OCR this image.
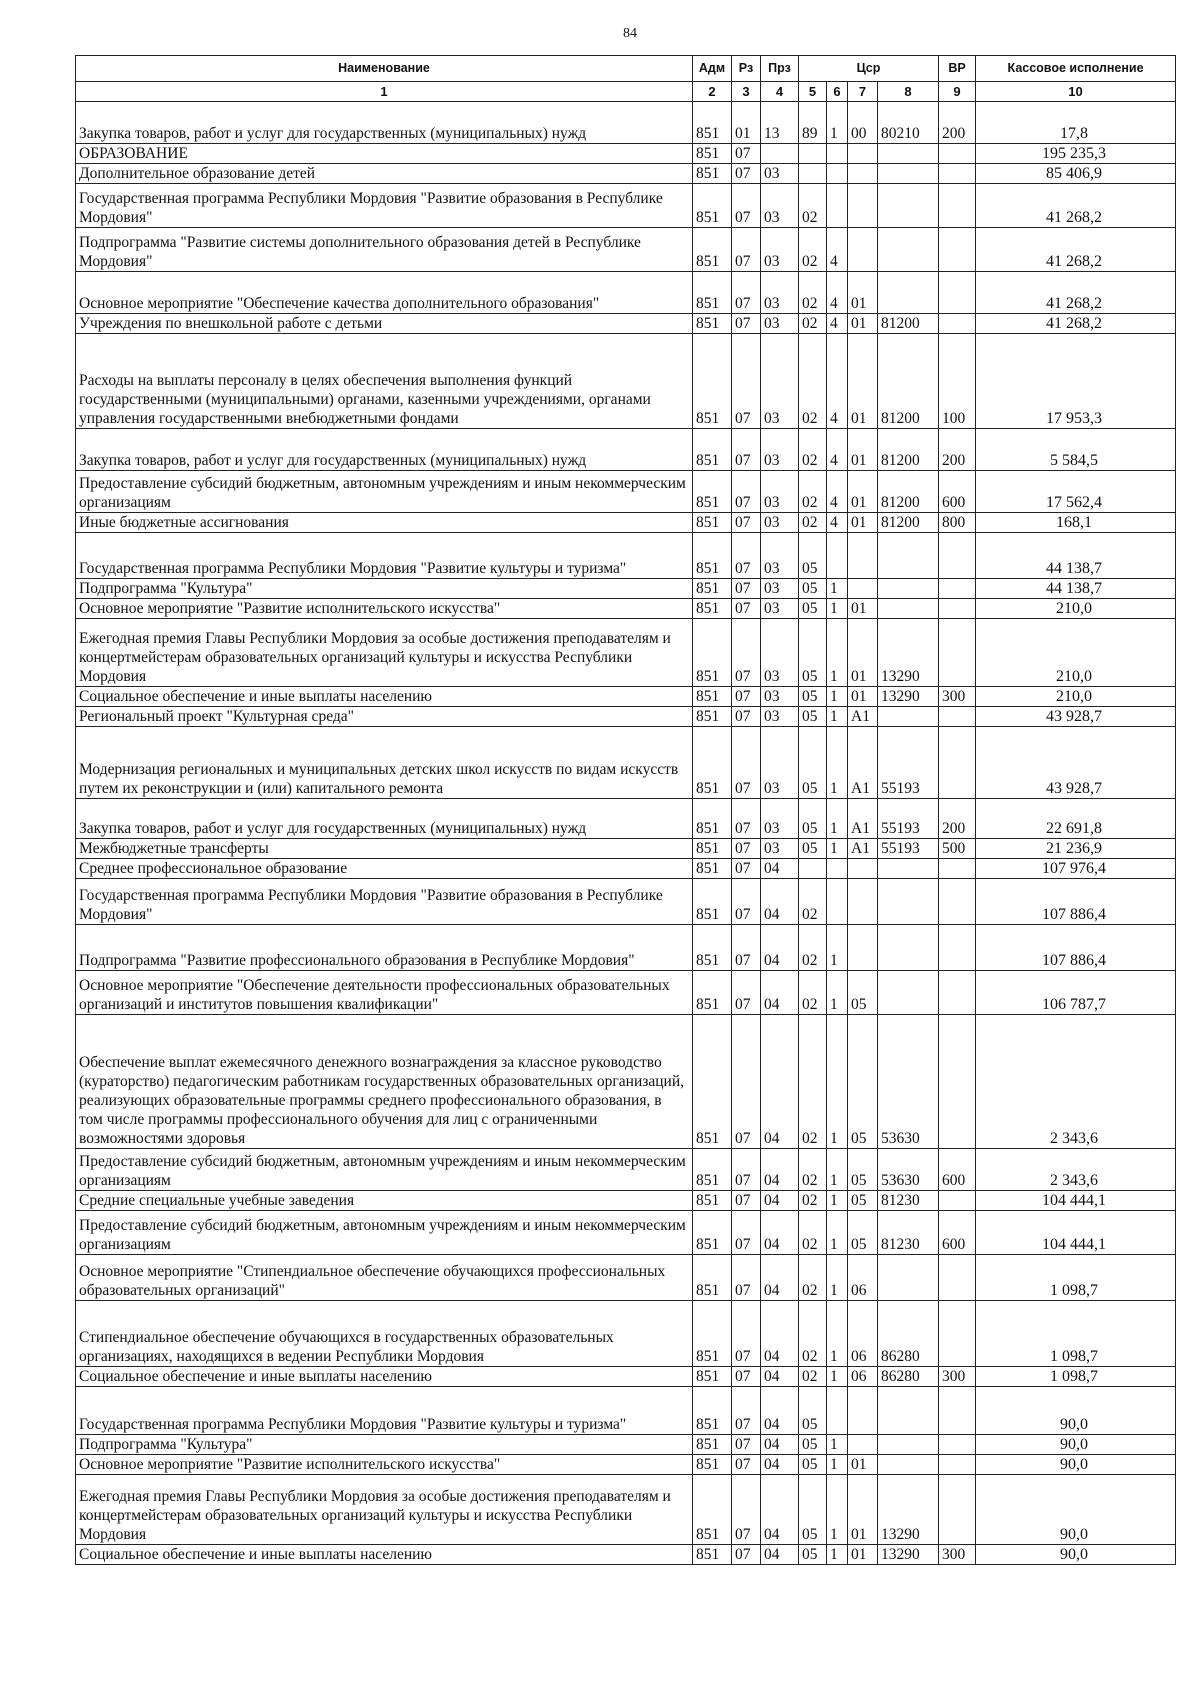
84
Наименование	Адм	Рз	Прз	Цср				ВР	Кассовое исполнение
1	2	3	4	5	6	7	8	9	10
Закупка товаров, работ и услуг для государственных (муниципальных) нужд	851	01	13	89	1	00	80210	200	17,8
ОБРАЗОВАНИЕ	851	07							195 235,3
Дополнительное образование детей	851	07	03						85 406,9
Государственная программа Республики Мордовия "Развитие образования в Республике Мордовия"	851	07	03	02					41 268,2
Подпрограмма "Развитие системы дополнительного образования детей в Республике Мордовия"	851	07	03	02	4				41 268,2
Основное мероприятие "Обеспечение качества дополнительного образования"	851	07	03	02	4	01			41 268,2
Учреждения по внешкольной работе с детьми	851	07	03	02	4	01	81200		41 268,2
Расходы на выплаты персоналу в целях обеспечения выполнения функций государственными (муниципальными) органами, казенными учреждениями, органами управления государственными внебюджетными фондами	851	07	03	02	4	01	81200	100	17 953,3
Закупка товаров, работ и услуг для государственных (муниципальных) нужд	851	07	03	02	4	01	81200	200	5 584,5
Предоставление субсидий бюджетным, автономным учреждениям и иным некоммерческим организациям	851	07	03	02	4	01	81200	600	17 562,4
Иные бюджетные ассигнования	851	07	03	02	4	01	81200	800	168,1
Государственная программа Республики Мордовия "Развитие культуры и туризма"	851	07	03	05					44 138,7
Подпрограмма "Культура"	851	07	03	05	1				44 138,7
Основное мероприятие "Развитие исполнительского искусства"	851	07	03	05	1	01			210,0
Ежегодная премия Главы Республики Мордовия за особые достижения преподавателям и концертмейстерам образовательных организаций культуры и искусства Республики Мордовия	851	07	03	05	1	01	13290		210,0
Социальное обеспечение и иные выплаты населению	851	07	03	05	1	01	13290	300	210,0
Региональный проект "Культурная среда"	851	07	03	05	1	A1			43 928,7
Модернизация региональных и муниципальных детских школ искусств по видам искусств путем их реконструкции и (или) капитального ремонта	851	07	03	05	1	A1	55193		43 928,7
Закупка товаров, работ и услуг для государственных (муниципальных) нужд	851	07	03	05	1	A1	55193	200	22 691,8
Межбюджетные трансферты	851	07	03	05	1	A1	55193	500	21 236,9
Среднее профессиональное образование	851	07	04						107 976,4
Государственная программа Республики Мордовия "Развитие образования в Республике Мордовия"	851	07	04	02					107 886,4
Подпрограмма "Развитие профессионального образования в Республике Мордовия"	851	07	04	02	1				107 886,4
Основное мероприятие "Обеспечение деятельности профессиональных образовательных организаций и институтов повышения квалификации"	851	07	04	02	1	05			106 787,7
Обеспечение выплат ежемесячного денежного вознаграждения за классное руководство (кураторство) педагогическим работникам государственных образовательных организаций, реализующих образовательные программы среднего профессионального образования, в том числе программы профессионального обучения для лиц с ограниченными возможностями здоровья	851	07	04	02	1	05	53630		2 343,6
Предоставление субсидий бюджетным, автономным учреждениям и иным некоммерческим организациям	851	07	04	02	1	05	53630	600	2 343,6
Средние специальные учебные заведения	851	07	04	02	1	05	81230		104 444,1
Предоставление субсидий бюджетным, автономным учреждениям и иным некоммерческим организациям	851	07	04	02	1	05	81230	600	104 444,1
Основное мероприятие "Стипендиальное обеспечение обучающихся профессиональных образовательных организаций"	851	07	04	02	1	06			1 098,7
Стипендиальное обеспечение обучающихся в государственных образовательных организациях, находящихся в ведении Республики Мордовия	851	07	04	02	1	06	86280		1 098,7
Социальное обеспечение и иные выплаты населению	851	07	04	02	1	06	86280	300	1 098,7
Государственная программа Республики Мордовия "Развитие культуры и туризма"	851	07	04	05					90,0
Подпрограмма "Культура"	851	07	04	05	1				90,0
Основное мероприятие "Развитие исполнительского искусства"	851	07	04	05	1	01			90,0
Ежегодная премия Главы Республики Мордовия за особые достижения преподавателям и концертмейстерам образовательных организаций культуры и искусства Республики Мордовия	851	07	04	05	1	01	13290		90,0
Социальное обеспечение и иные выплаты населению	851	07	04	05	1	01	13290	300	90,0
